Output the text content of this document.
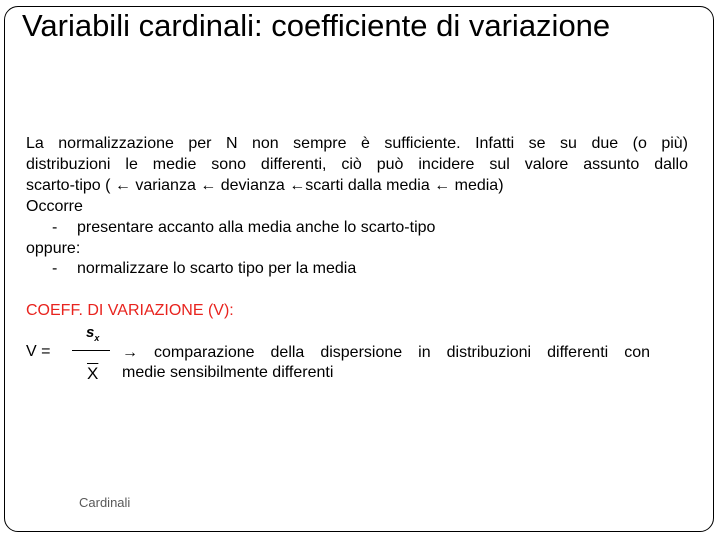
Variabili cardinali: coefficiente di variazione
La normalizzazione per N non sempre è sufficiente. Infatti se su due (o più)
distribuzioni le medie sono differenti, ciò può incidere sul valore assunto dallo
scarto-tipo ( ← varianza ← devianza ←scarti dalla media ← media)
Occorre
- presentare accanto alla media anche lo scarto-tipo
oppure:
- normalizzare lo scarto tipo per la media
COEFF. DI VARIAZIONE (V):
V =
$s_x$
$\overline{X}$
→ comparazione della dispersione in distribuzioni differenti con
medie sensibilmente differenti
Cardinali
